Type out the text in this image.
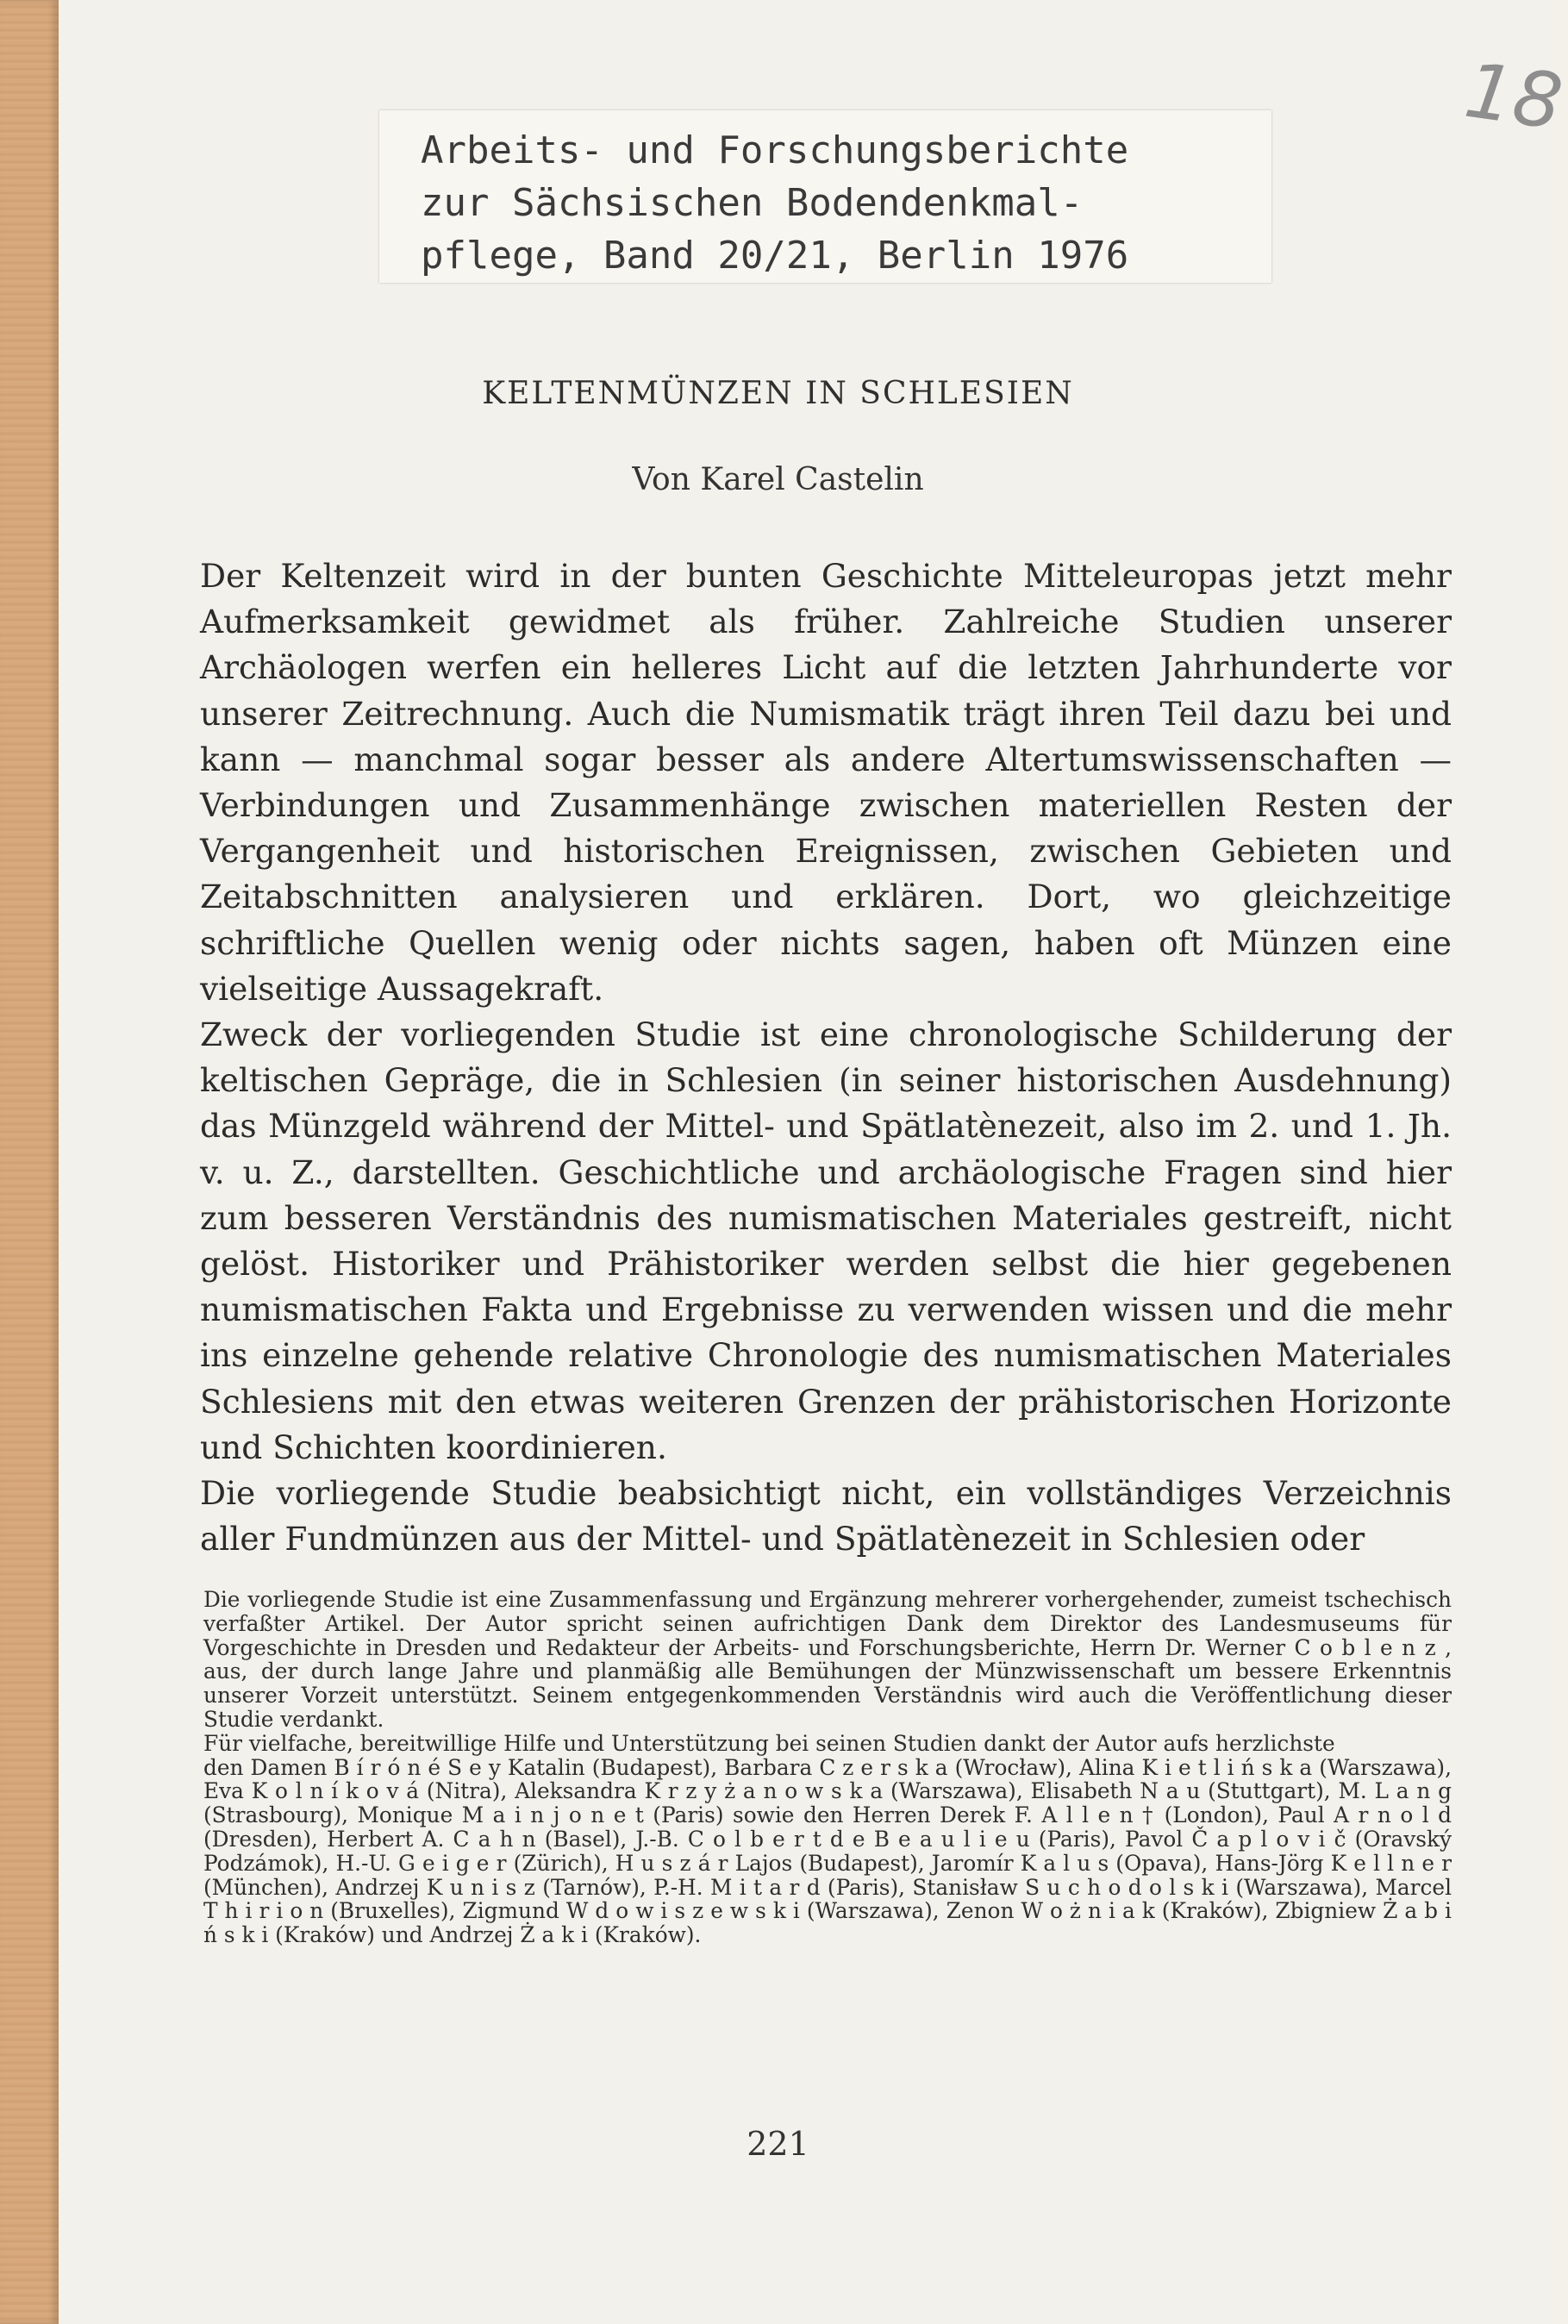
Arbeits- und Forschungsberichte
zur Sächsischen Bodendenkmal-
pflege, Band 20/21, Berlin 1976
18
KELTENMÜNZEN IN SCHLESIEN
Von Karel Castelin

Der Keltenzeit wird in der bunten Geschichte Mitteleuropas jetzt mehr Aufmerksamkeit gewidmet als früher. Zahlreiche Studien unserer Archäologen werfen ein helleres Licht auf die letzten Jahrhunderte vor unserer Zeitrechnung. Auch die Numismatik trägt ihren Teil dazu bei und kann — manchmal sogar besser als andere Altertumswissenschaften — Verbindungen und Zusammenhänge zwischen materiellen Resten der Vergangenheit und historischen Ereignissen, zwischen Gebieten und Zeitabschnitten analysieren und erklären. Dort, wo gleichzeitige schriftliche Quellen wenig oder nichts sagen, haben oft Münzen eine vielseitige Aussagekraft.

Zweck der vorliegenden Studie ist eine chronologische Schilderung der keltischen Gepräge, die in Schlesien (in seiner historischen Ausdehnung) das Münzgeld während der Mittel- und Spätlatènezeit, also im 2. und 1. Jh. v. u. Z., darstellten. Geschichtliche und archäologische Fragen sind hier zum besseren Verständnis des numismatischen Materiales gestreift, nicht gelöst. Historiker und Prähistoriker werden selbst die hier gegebenen numismatischen Fakta und Ergebnisse zu verwenden wissen und die mehr ins einzelne gehende relative Chronologie des numismatischen Materiales Schlesiens mit den etwas weiteren Grenzen der prähistorischen Horizonte und Schichten koordinieren.

Die vorliegende Studie beabsichtigt nicht, ein vollständiges Verzeichnis aller Fundmünzen aus der Mittel- und Spätlatènezeit in Schlesien oder

Die vorliegende Studie ist eine Zusammenfassung und Ergänzung mehrerer vorhergehender, zumeist tschechisch verfaßter Artikel. Der Autor spricht seinen aufrichtigen Dank dem Direktor des Landesmuseums für Vorgeschichte in Dresden und Redakteur der Arbeits- und Forschungsberichte, Herrn Dr. Werner C o b l e n z , aus, der durch lange Jahre und planmäßig alle Bemühungen der Münzwissenschaft um bessere Erkenntnis unserer Vorzeit unterstützt. Seinem entgegenkommenden Verständnis wird auch die Veröffentlichung dieser Studie verdankt.

Für vielfache, bereitwillige Hilfe und Unterstützung bei seinen Studien dankt der Autor aufs herzlichste

den Damen B í r ó n é S e y Katalin (Budapest), Barbara C z e r s k a (Wrocław), Alina K i e t l i ń s k a (Warszawa), Eva K o l n í k o v á (Nitra), Aleksandra K r z y ż a n o w s k a (Warszawa), Elisabeth N a u (Stuttgart), M. L a n g (Strasbourg), Monique M a i n j o n e t (Paris) sowie den Herren Derek F. A l l e n † (London), Paul A r n o l d (Dresden), Herbert A. C a h n (Basel), J.-B. C o l b e r t d e B e a u l i e u (Paris), Pavol Č a p l o v i č (Oravský Podzámok), H.-U. G e i g e r (Zürich), H u s z á r Lajos (Budapest), Jaromír K a l u s (Opava), Hans-Jörg K e l l n e r (München), Andrzej K u n i s z (Tarnów), P.-H. M i t a r d (Paris), Stanisław S u c h o d o l s k i (Warszawa), Marcel T h i r i o n (Bruxelles), Zigmund W d o w i s z e w s k i (Warszawa), Zenon W o ż n i a k (Kraków), Zbigniew Ż a b i ń s k i (Kraków) und Andrzej Ż a k i (Kraków).

221
